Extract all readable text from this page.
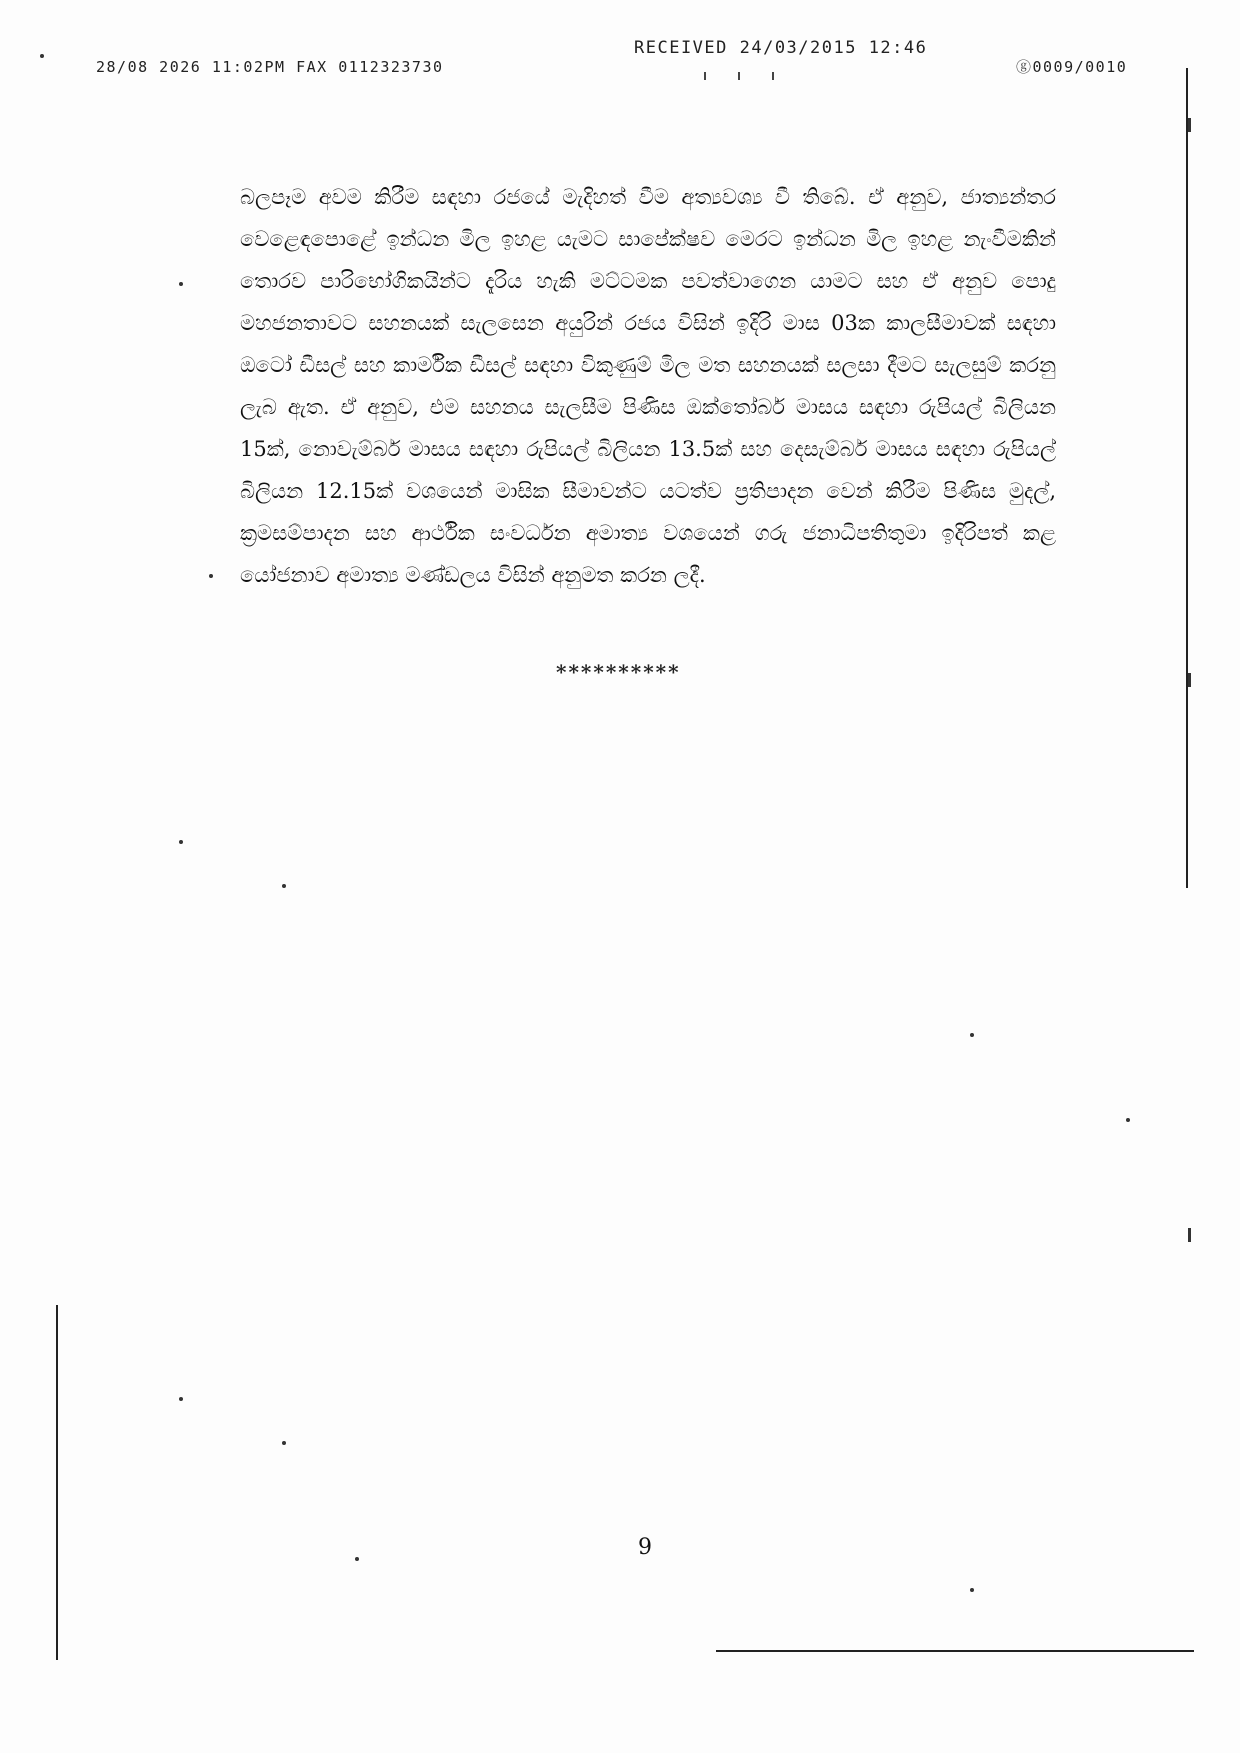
28/08 2026 11:02PM FAX 0112323730
RECEIVED 24/03/2015 12:46
ⓖ0009/0010
බලපෑම අවම කිරීම සඳහා රජයේ මැදිහත් වීම අත්‍යවශ්‍ය වී තිබේ. ඒ අනුව, ජාත්‍යන්තර වෙළෙඳපොළේ ඉන්ධන මිල ඉහළ යැමට සාපේක්ෂව මෙරට ඉන්ධන මිල ඉහළ නැංවීමකින් තොරව පාරිභෝගිකයින්ට දැරිය හැකි මට්ටමක පවත්වාගෙන යාමට සහ ඒ අනුව පොදු මහජනතාවට සහනයක් සැලසෙන අයුරින් රජය විසින් ඉදිරි මාස 03ක කාලසීමාවක් සඳහා ඔටෝ ඩීසල් සහ කාර්මික ඩීසල් සඳහා විකුණුම් මිල මත සහනයක් සලසා දීමට සැලසුම් කරනු ලැබ ඇත. ඒ අනුව, එම සහනය සැලසීම පිණිස ඔක්තෝබර් මාසය සඳහා රුපියල් බිලියන 15ක්, නොවැම්බර් මාසය සඳහා රුපියල් බිලියන 13.5ක් සහ දෙසැම්බර් මාසය සඳහා රුපියල් බිලියන 12.15ක් වශයෙන් මාසික සීමාවන්ට යටත්ව ප්‍රතිපාදන වෙන් කිරීම පිණිස මුදල්, ක්‍රමසම්පාදන සහ ආර්ථික සංවර්ධන අමාත්‍ය වශයෙන් ගරු ජනාධිපතිතුමා ඉදිරිපත් කළ යෝජනාව අමාත්‍ය මණ්ඩලය විසින් අනුමත කරන ලදී.
**********
9
